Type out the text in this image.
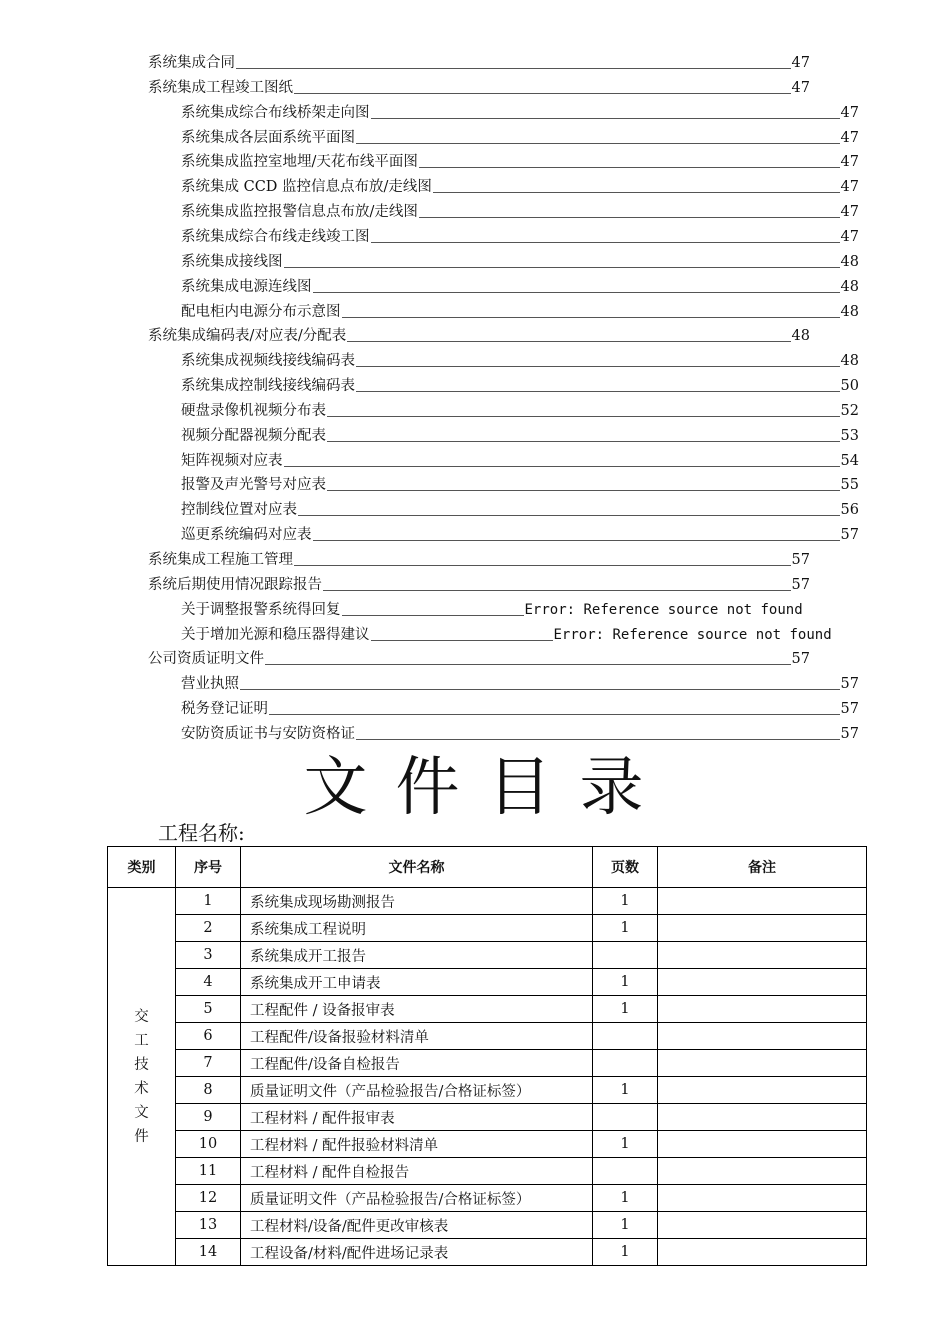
系统集成合同	47
系统集成工程竣工图纸	47
系统集成综合布线桥架走向图	47
系统集成各层面系统平面图	47
系统集成监控室地埋/天花布线平面图	47
系统集成 CCD 监控信息点布放/走线图	47
系统集成监控报警信息点布放/走线图	47
系统集成综合布线走线竣工图	47
系统集成接线图	48
系统集成电源连线图	48
配电柜内电源分布示意图	48
系统集成编码表/对应表/分配表	48
系统集成视频线接线编码表	48
系统集成控制线接线编码表	50
硬盘录像机视频分布表	52
视频分配器视频分配表	53
矩阵视频对应表	54
报警及声光警号对应表	55
控制线位置对应表	56
巡更系统编码对应表	57
系统集成工程施工管理	57
系统后期使用情况跟踪报告	57
关于调整报警系统得回复	Error: Reference source not found
关于增加光源和稳压器得建议	Error: Reference source not found
公司资质证明文件	57
营业执照	57
税务登记证明	57
安防资质证书与安防资格证	57
文件目录
工程名称:
类别	序号	文件名称	页数	备注
交工技术文件	1	系统集成现场勘测报告	1	
	2	系统集成工程说明	1	
	3	系统集成开工报告		
	4	系统集成开工申请表	1	
	5	工程配件 / 设备报审表	1	
	6	工程配件/设备报验材料清单		
	7	工程配件/设备自检报告		
	8	质量证明文件（产品检验报告/合格证标签）	1	
	9	工程材料 / 配件报审表		
	10	工程材料 / 配件报验材料清单	1	
	11	工程材料 / 配件自检报告		
	12	质量证明文件（产品检验报告/合格证标签）	1	
	13	工程材料/设备/配件更改审核表	1	
	14	工程设备/材料/配件进场记录表	1	
